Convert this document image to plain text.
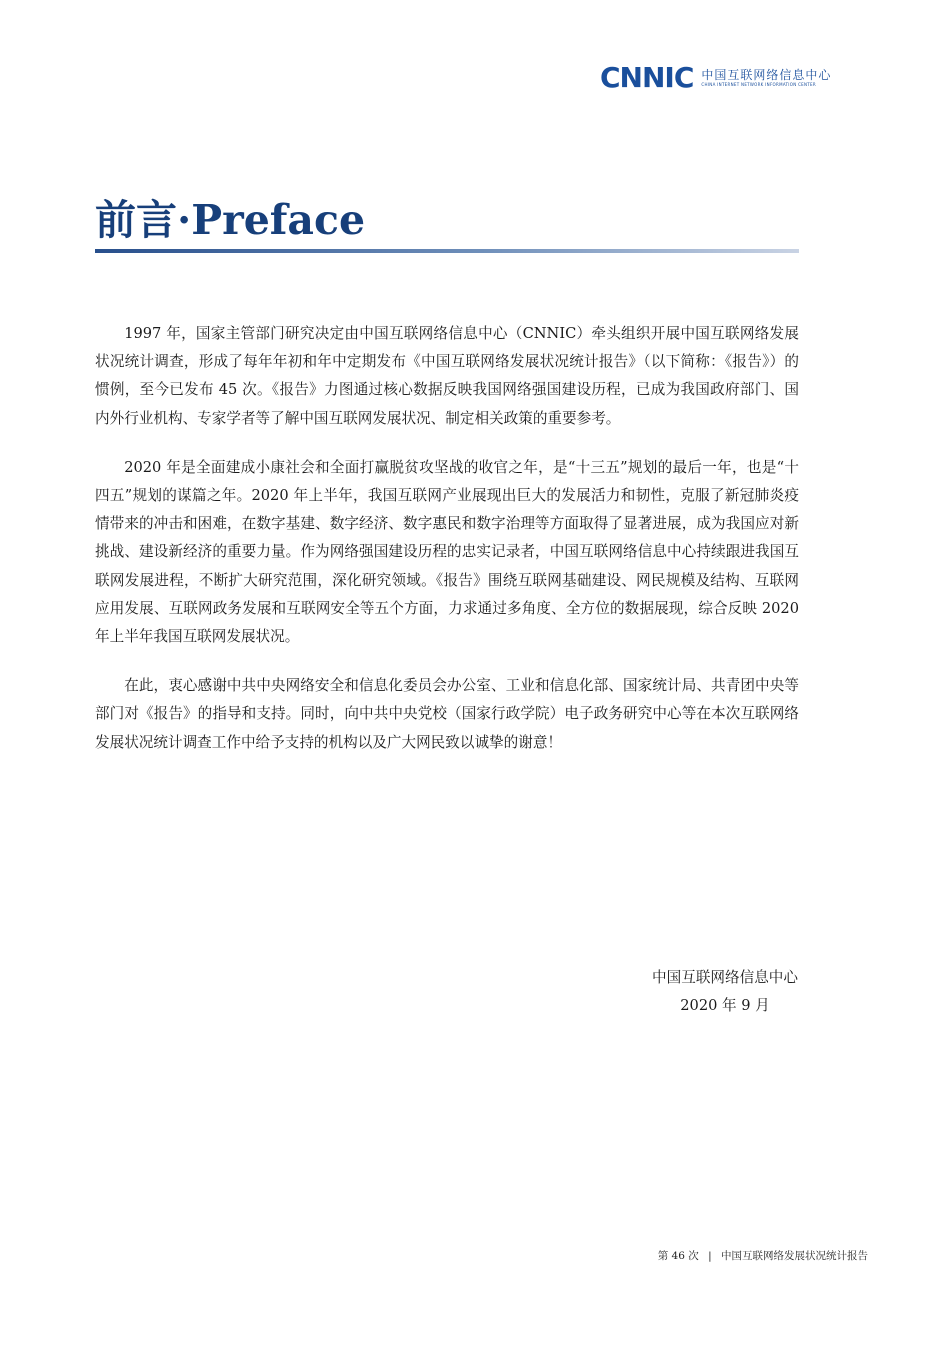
CNNIC 中国互联网络信息中心
CHINA INTERNET NETWORK INFORMATION CENTER
前言·Preface

1997 年，国家主管部门研究决定由中国互联网络信息中心（CNNIC）牵头组织开展中国互联网络发展状况统计调查，形成了每年年初和年中定期发布《中国互联网络发展状况统计报告》（以下简称：《报告》）的惯例，至今已发布 45 次。《报告》力图通过核心数据反映我国网络强国建设历程，已成为我国政府部门、国内外行业机构、专家学者等了解中国互联网发展状况、制定相关政策的重要参考。

2020 年是全面建成小康社会和全面打赢脱贫攻坚战的收官之年，是“十三五”规划的最后一年，也是“十四五”规划的谋篇之年。2020 年上半年，我国互联网产业展现出巨大的发展活力和韧性，克服了新冠肺炎疫情带来的冲击和困难，在数字基建、数字经济、数字惠民和数字治理等方面取得了显著进展，成为我国应对新挑战、建设新经济的重要力量。作为网络强国建设历程的忠实记录者，中国互联网络信息中心持续跟进我国互联网发展进程，不断扩大研究范围，深化研究领域。《报告》围绕互联网基础建设、网民规模及结构、互联网应用发展、互联网政务发展和互联网安全等五个方面，力求通过多角度、全方位的数据展现，综合反映 2020 年上半年我国互联网发展状况。

在此，衷心感谢中共中央网络安全和信息化委员会办公室、工业和信息化部、国家统计局、共青团中央等部门对《报告》的指导和支持。同时，向中共中央党校（国家行政学院）电子政务研究中心等在本次互联网络发展状况统计调查工作中给予支持的机构以及广大网民致以诚挚的谢意！

中国互联网络信息中心
2020 年 9 月
第 46 次 | 中国互联网络发展状况统计报告
